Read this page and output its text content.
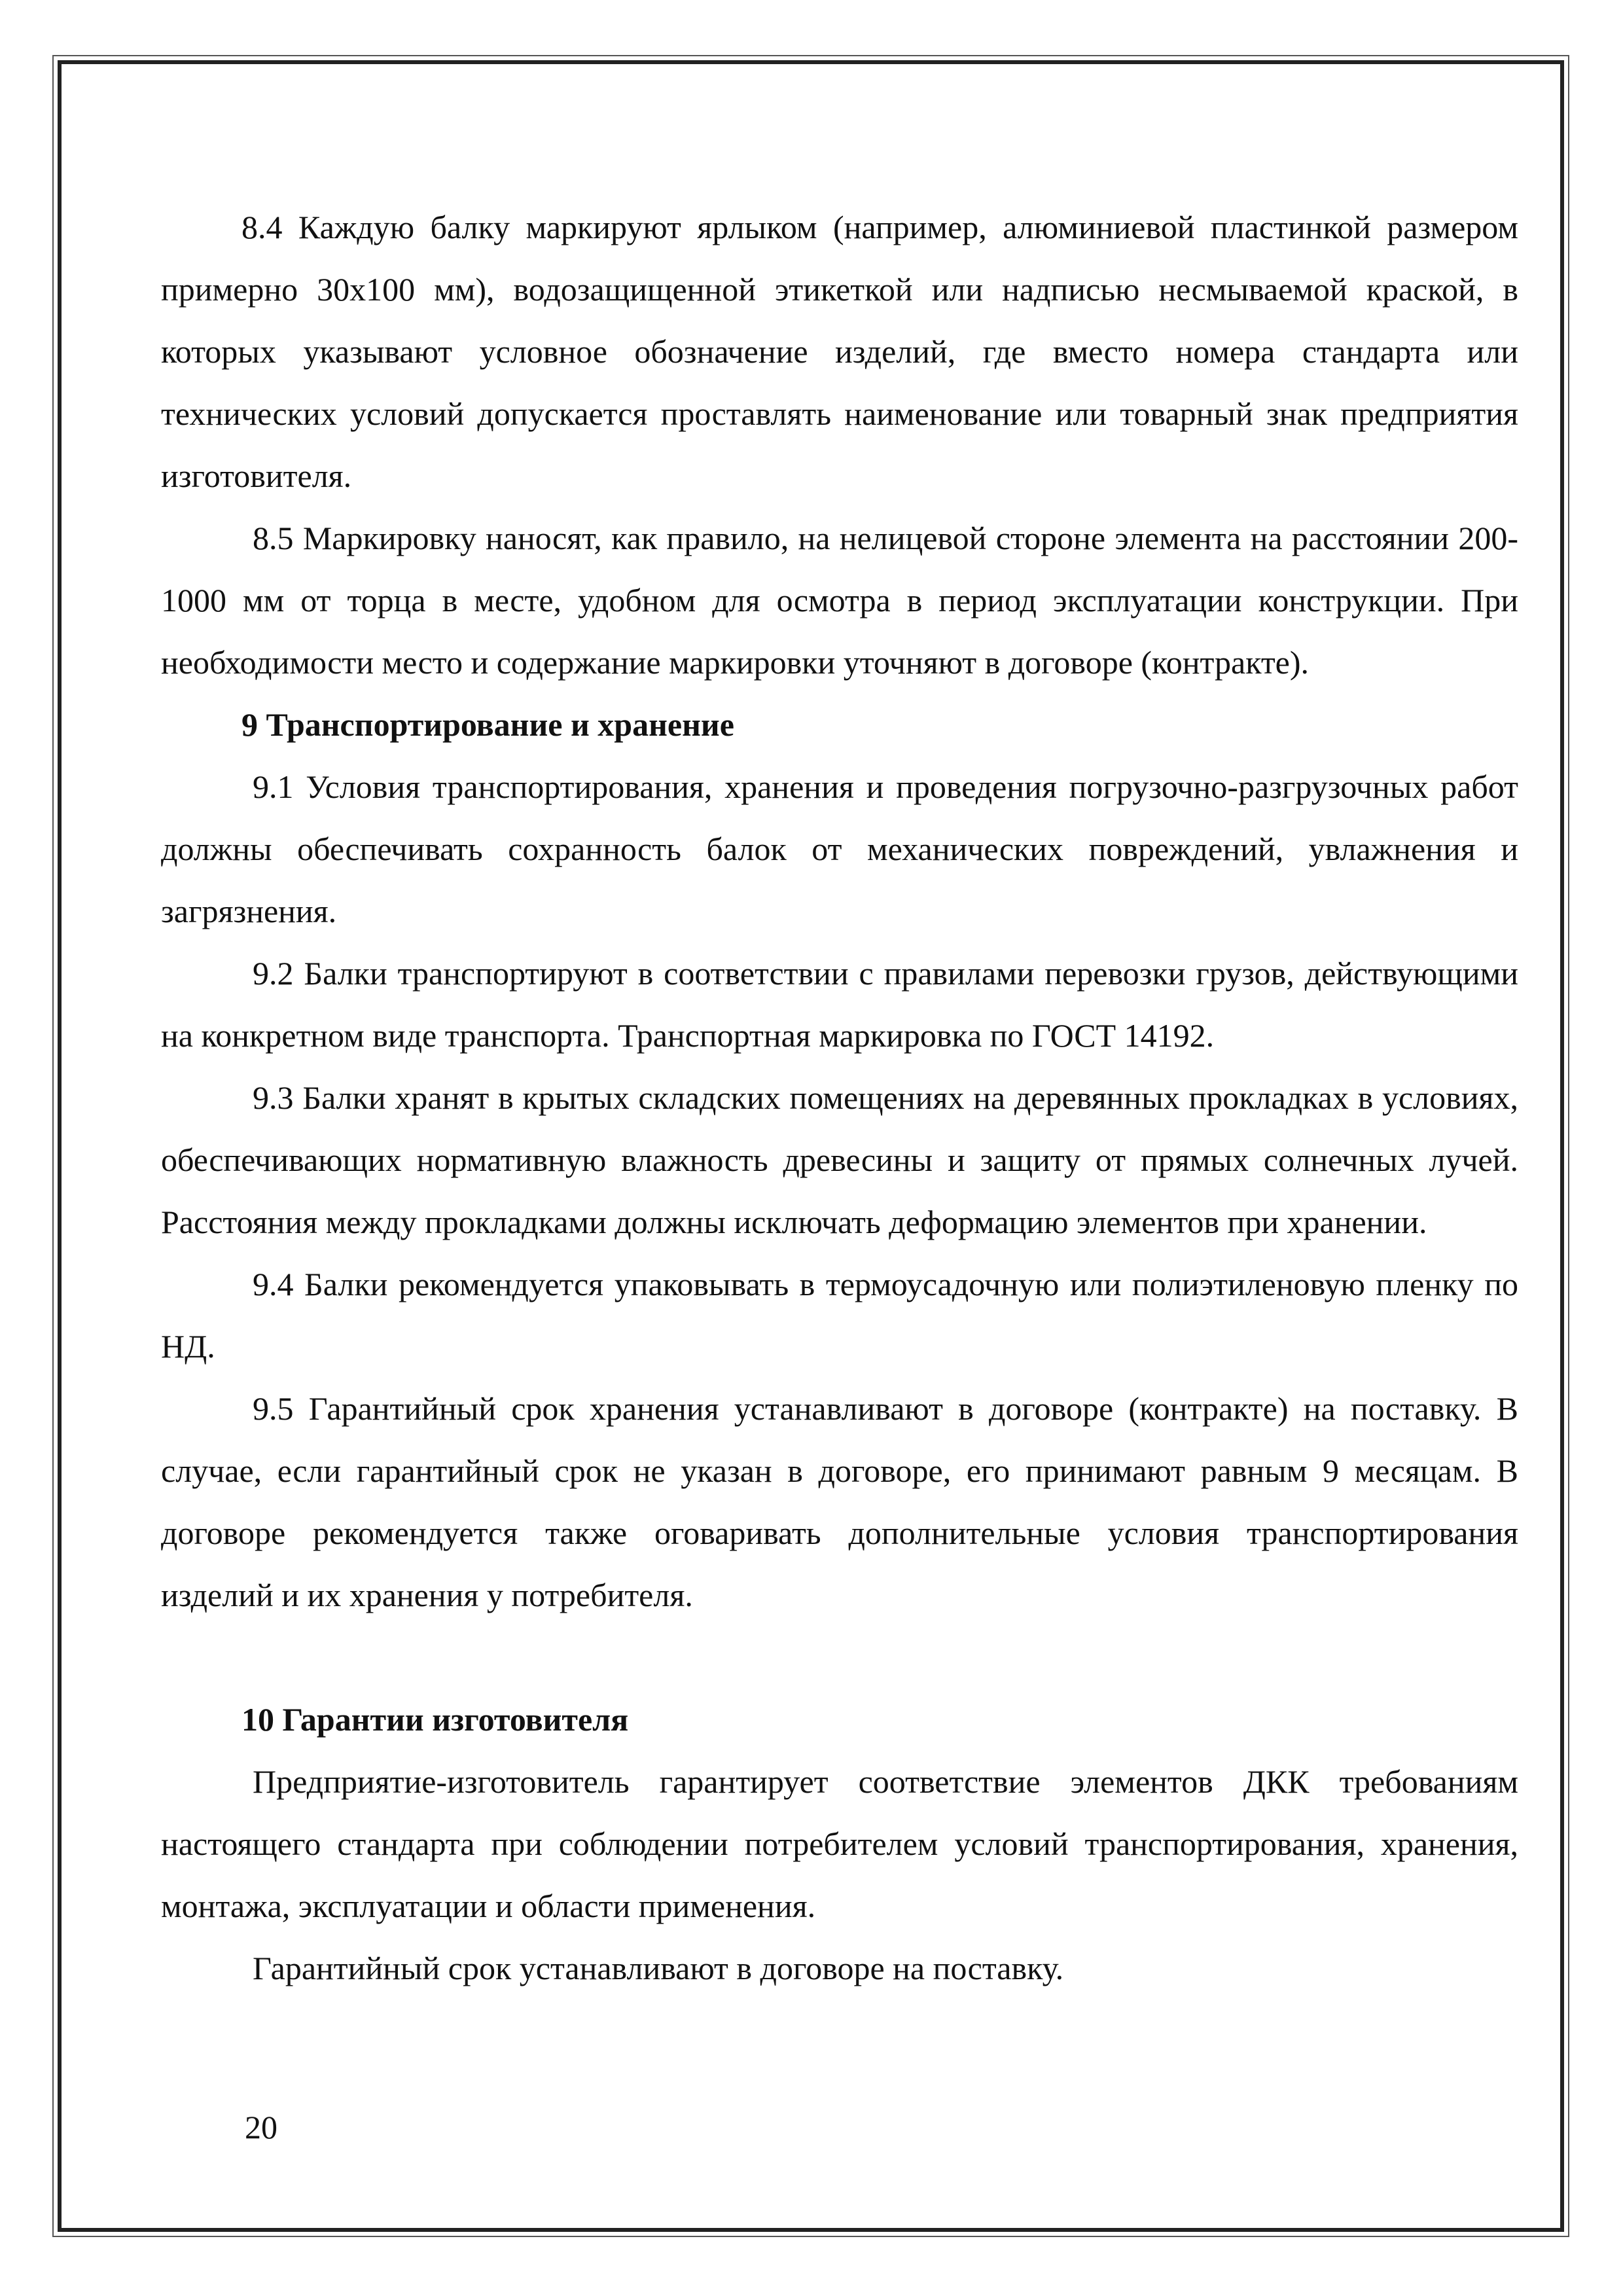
8.4 Каждую балку маркируют ярлыком (например, алюминиевой пластинкой размером примерно 30x100 мм), водозащищенной этикеткой или надписью несмываемой краской, в которых указывают условное обозначение изделий, где вместо номера стандарта или технических условий допускается проставлять наименование или товарный знак предприятия изготовителя.

8.5 Маркировку наносят, как правило, на нелицевой стороне элемента на расстоянии 200-1000 мм от торца в месте, удобном для осмотра в период эксплуатации конструкции. При необходимости место и содержание маркировки уточняют в договоре (контракте).

9 Транспортирование и хранение

9.1 Условия транспортирования, хранения и проведения погрузочно-разгрузочных работ должны обеспечивать сохранность балок от механических повреждений, увлажнения и загрязнения.

9.2 Балки транспортируют в соответствии с правилами перевозки грузов, действующими на конкретном виде транспорта. Транспортная маркировка по ГОСТ 14192.

9.3 Балки хранят в крытых складских помещениях на деревянных прокладках в условиях, обеспечивающих нормативную влажность древесины и защиту от прямых солнечных лучей. Расстояния между прокладками должны исключать деформацию элементов при хранении.

9.4 Балки рекомендуется упаковывать в термоусадочную или полиэтиленовую пленку по НД.

9.5 Гарантийный срок хранения устанавливают в договоре (контракте) на поставку. В случае, если гарантийный срок не указан в договоре, его принимают равным 9 месяцам. В договоре рекомендуется также оговаривать дополнительные условия транспортирования изделий и их хранения у потребителя.

10 Гарантии изготовителя

Предприятие-изготовитель гарантирует соответствие элементов ДКК требованиям настоящего стандарта при соблюдении потребителем условий транспортирования, хранения, монтажа, эксплуатации и области применения.

Гарантийный срок устанавливают в договоре на поставку.

20
